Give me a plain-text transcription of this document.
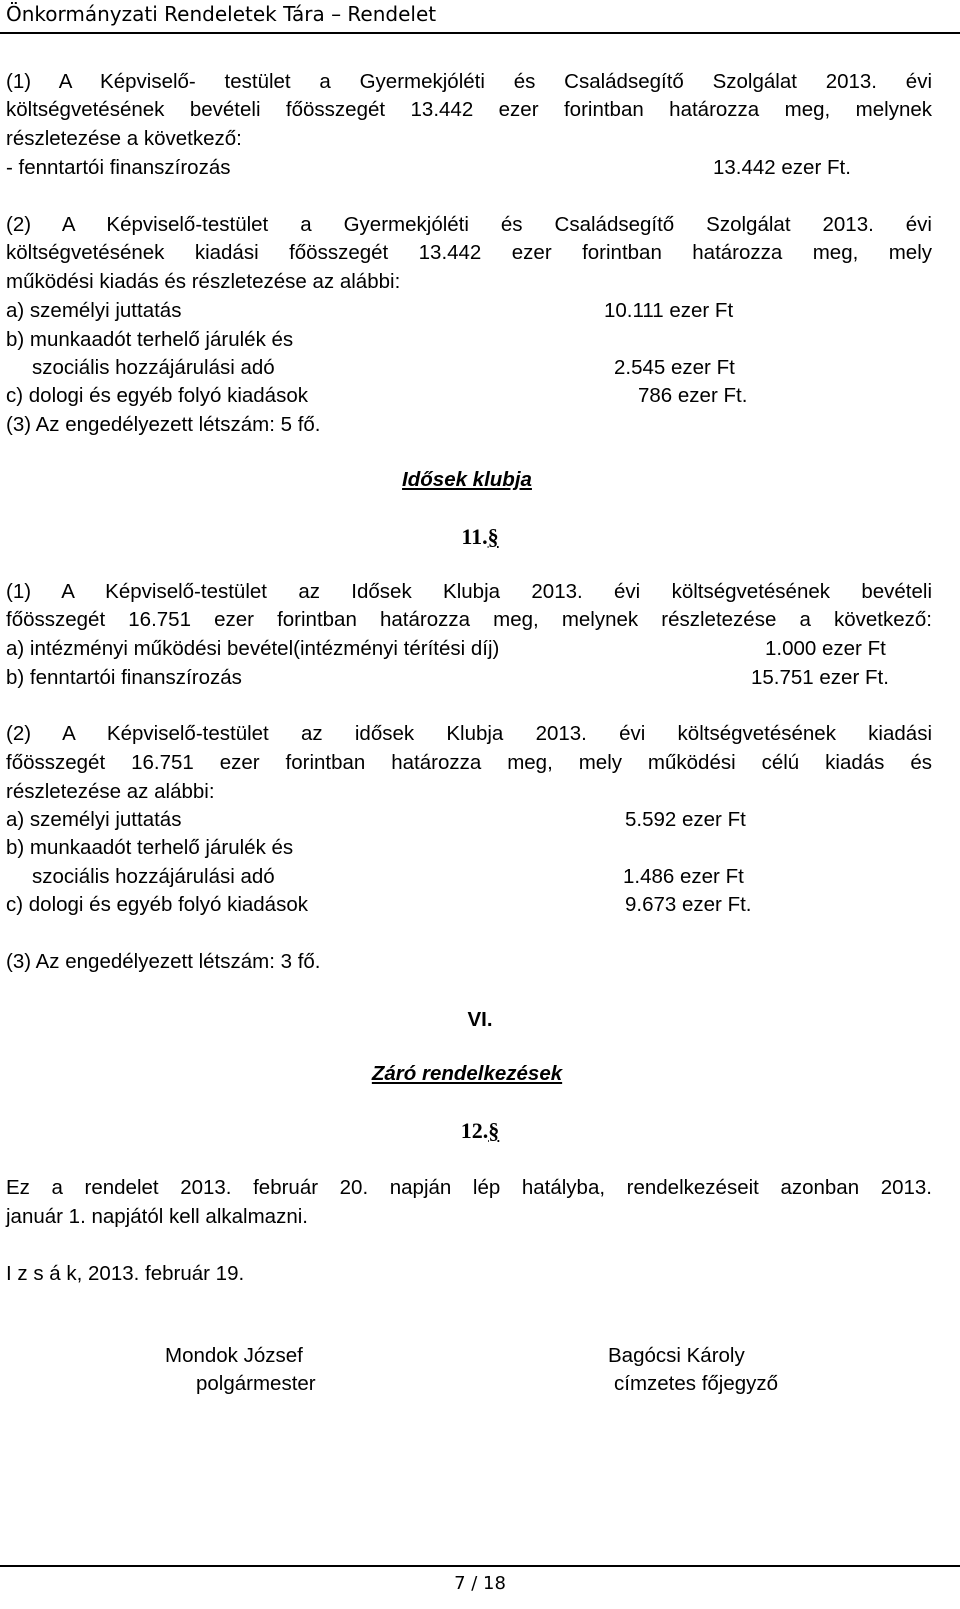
Önkormányzati Rendeletek Tára – Rendelet
(1) A Képviselő- testület a Gyermekjóléti és Családsegítő Szolgálat 2013. évi
költségvetésének bevételi főösszegét 13.442 ezer forintban határozza meg, melynek
részletezése a következő:
- fenntartói finanszírozás	13.442 ezer Ft.
(2) A Képviselő-testület a Gyermekjóléti és Családsegítő Szolgálat 2013. évi
költségvetésének kiadási főösszegét 13.442 ezer forintban határozza meg, mely
működési kiadás és részletezése az alábbi:
a) személyi juttatás	10.111 ezer Ft
b) munkaadót terhelő járulék és
szociális hozzájárulási adó	2.545 ezer Ft
c) dologi és egyéb folyó kiadások	786 ezer Ft.
(3) Az engedélyezett létszám: 5 fő.
Idősek klubja
11.§
(1) A Képviselő-testület az Idősek Klubja 2013. évi költségvetésének bevételi
főösszegét 16.751 ezer forintban határozza meg, melynek részletezése a következő:
a) intézményi működési bevétel(intézményi térítési díj)	1.000 ezer Ft
b) fenntartói finanszírozás	15.751 ezer Ft.
(2) A Képviselő-testület az idősek Klubja 2013. évi költségvetésének kiadási
főösszegét 16.751 ezer forintban határozza meg, mely működési célú kiadás és
részletezése az alábbi:
a) személyi juttatás	5.592 ezer Ft
b) munkaadót terhelő járulék és
szociális hozzájárulási adó	1.486 ezer Ft
c) dologi és egyéb folyó kiadások	9.673 ezer Ft.
(3) Az engedélyezett létszám: 3 fő.
VI.
Záró rendelkezések
12.§
Ez a rendelet 2013. február 20. napján lép hatályba, rendelkezéseit azonban 2013.
január 1. napjától kell alkalmazni.
I z s á k, 2013. február 19.
Mondok József
polgármester
Bagócsi Károly
címzetes főjegyző
7 / 18
